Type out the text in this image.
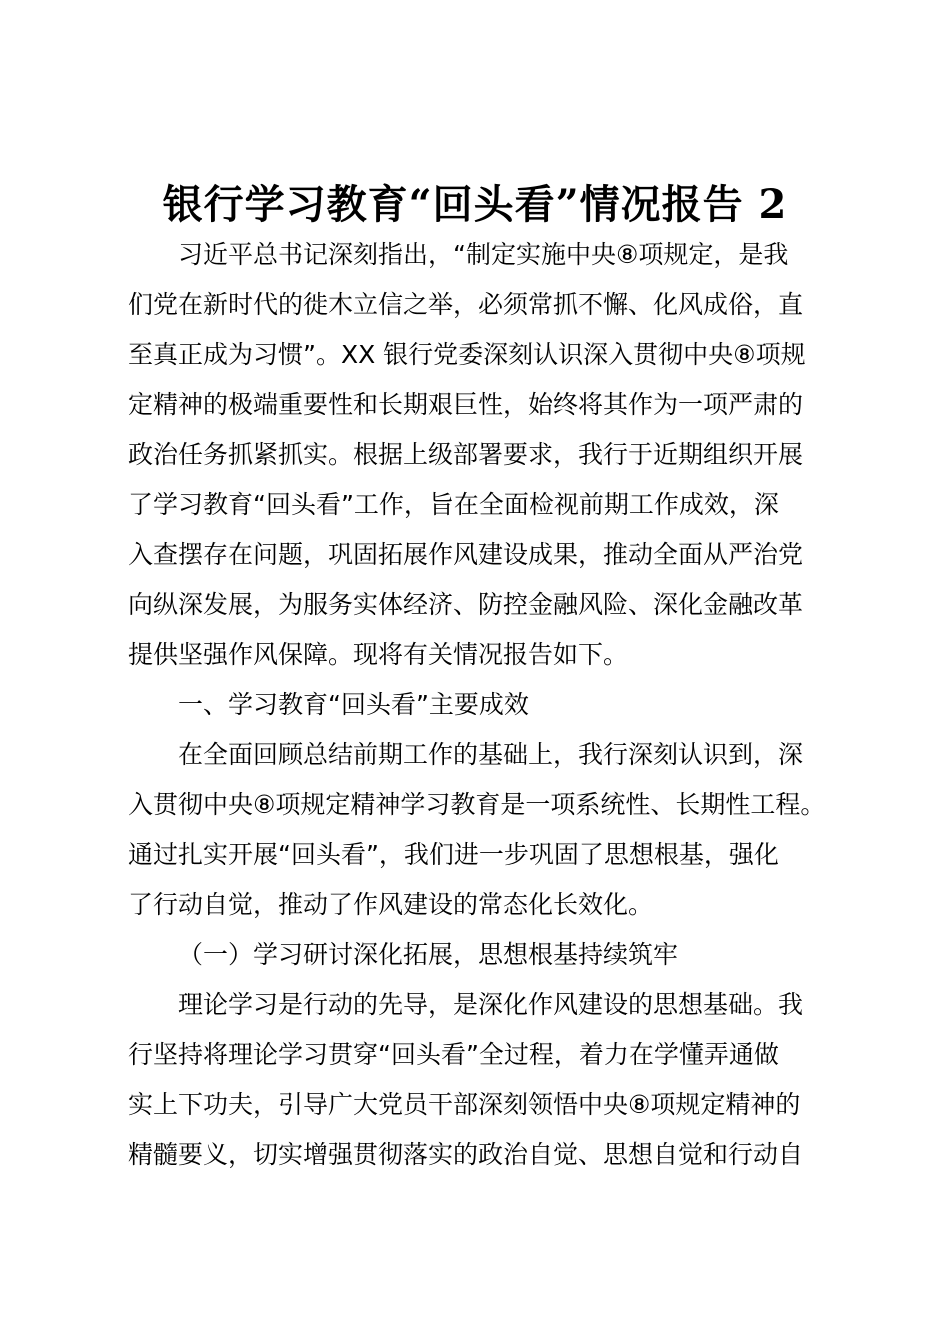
银行学习教育“回头看”情况报告 2
习近平总书记深刻指出，“制定实施中央⑧项规定，是我
们党在新时代的徙木立信之举，必须常抓不懈、化风成俗，直
至真正成为习惯”。XX 银行党委深刻认识深入贯彻中央⑧项规
定精神的极端重要性和长期艰巨性，始终将其作为一项严肃的
政治任务抓紧抓实。根据上级部署要求，我行于近期组织开展
了学习教育“回头看”工作，旨在全面检视前期工作成效，深
入查摆存在问题，巩固拓展作风建设成果，推动全面从严治党
向纵深发展，为服务实体经济、防控金融风险、深化金融改革
提供坚强作风保障。现将有关情况报告如下。
一、学习教育“回头看”主要成效
在全面回顾总结前期工作的基础上，我行深刻认识到，深
入贯彻中央⑧项规定精神学习教育是一项系统性、长期性工程。
通过扎实开展“回头看”，我们进一步巩固了思想根基，强化
了行动自觉，推动了作风建设的常态化长效化。
（一）学习研讨深化拓展，思想根基持续筑牢
理论学习是行动的先导，是深化作风建设的思想基础。我
行坚持将理论学习贯穿“回头看”全过程，着力在学懂弄通做
实上下功夫，引导广大党员干部深刻领悟中央⑧项规定精神的
精髓要义，切实增强贯彻落实的政治自觉、思想自觉和行动自
